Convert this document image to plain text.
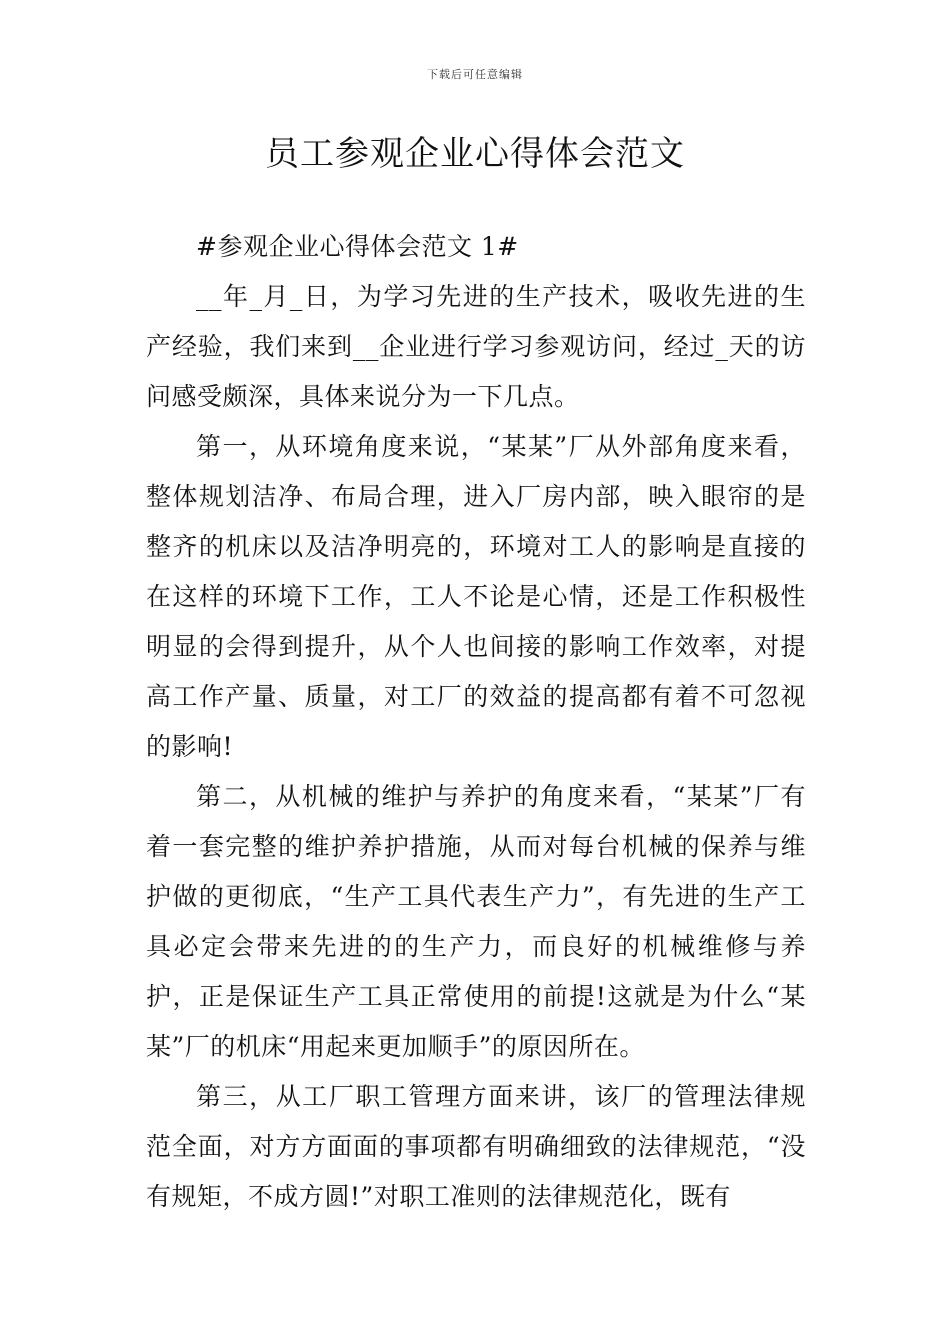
下载后可任意编辑
员工参观企业心得体会范文

#参观企业心得体会范文 1#

__年_月_日，为学习先进的生产技术，吸收先进的生产经验，我们来到__企业进行学习参观访问，经过_天的访问感受颇深，具体来说分为一下几点。

第一，从环境角度来说，“某某”厂从外部角度来看，整体规划洁净、布局合理，进入厂房内部，映入眼帘的是整齐的机床以及洁净明亮的，环境对工人的影响是直接的在这样的环境下工作，工人不论是心情，还是工作积极性明显的会得到提升，从个人也间接的影响工作效率，对提高工作产量、质量，对工厂的效益的提高都有着不可忽视的影响!

第二，从机械的维护与养护的角度来看，“某某”厂有着一套完整的维护养护措施，从而对每台机械的保养与维护做的更彻底，“生产工具代表生产力”，有先进的生产工具必定会带来先进的的生产力，而良好的机械维修与养护，正是保证生产工具正常使用的前提!这就是为什么“某某”厂的机床“用起来更加顺手”的原因所在。

第三，从工厂职工管理方面来讲，该厂的管理法律规范全面，对方方面面的事项都有明确细致的法律规范，“没有规矩，不成方圆!”对职工准则的法律规范化，既有
